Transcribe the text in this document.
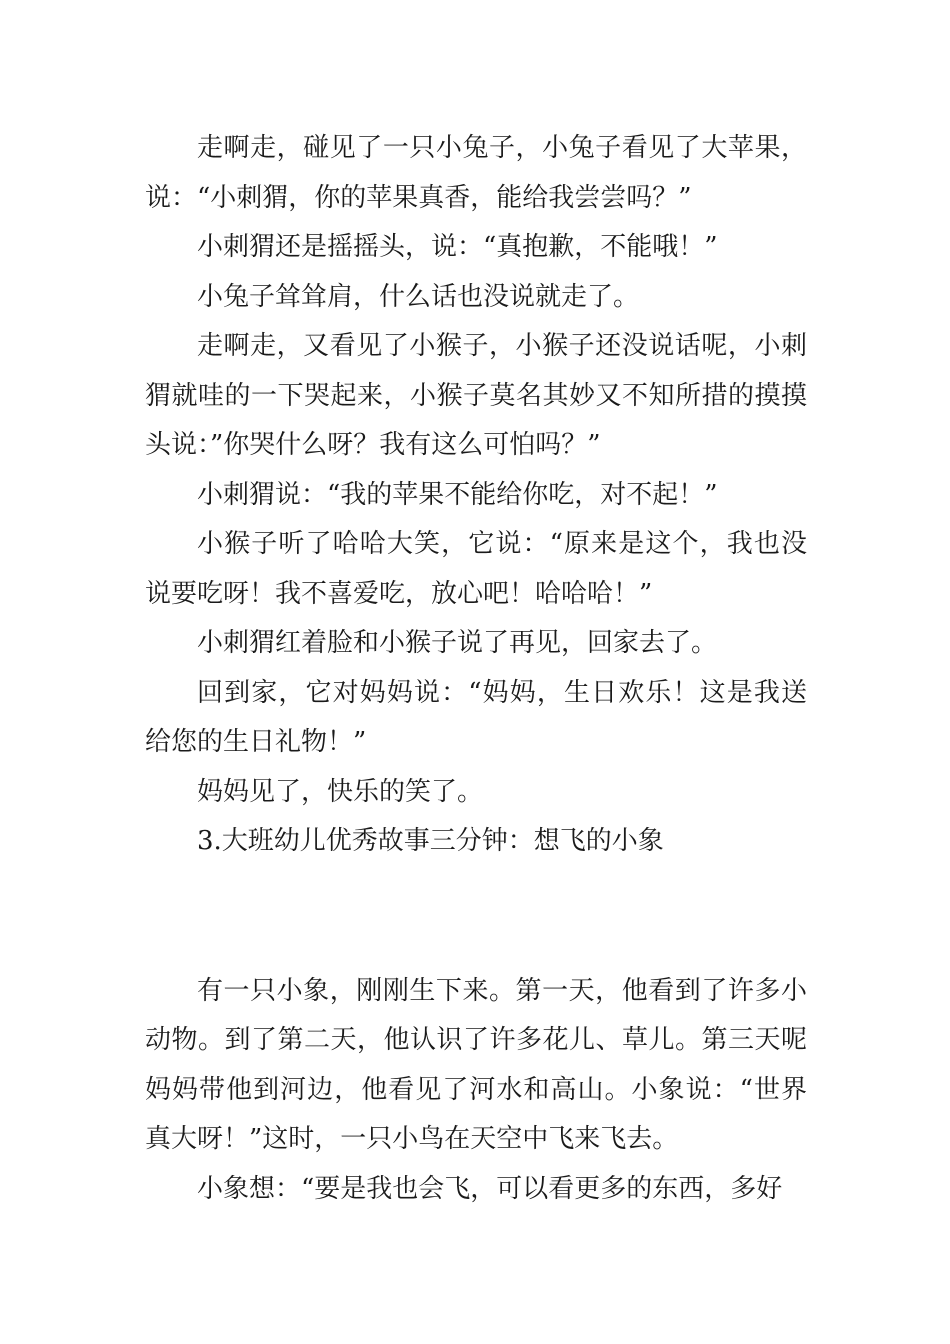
走啊走，碰见了一只小兔子，小兔子看见了大苹果，说：“小刺猬，你的苹果真香，能给我尝尝吗？”

小刺猬还是摇摇头，说：“真抱歉，不能哦！”

小兔子耸耸肩，什么话也没说就走了。

走啊走，又看见了小猴子，小猴子还没说话呢，小刺猬就哇的一下哭起来，小猴子莫名其妙又不知所措的摸摸头说：”你哭什么呀？我有这么可怕吗？”

小刺猬说：“我的苹果不能给你吃，对不起！”

小猴子听了哈哈大笑，它说：“原来是这个，我也没说要吃呀！我不喜爱吃，放心吧！哈哈哈！”

小刺猬红着脸和小猴子说了再见，回家去了。

回到家，它对妈妈说：“妈妈，生日欢乐！这是我送给您的生日礼物！”

妈妈见了，快乐的笑了。

3.大班幼儿优秀故事三分钟：想飞的小象

有一只小象，刚刚生下来。第一天，他看到了许多小动物。到了第二天，他认识了许多花儿、草儿。第三天呢妈妈带他到河边，他看见了河水和高山。小象说：“世界真大呀！”这时，一只小鸟在天空中飞来飞去。

小象想：“要是我也会飞，可以看更多的东西，多好
